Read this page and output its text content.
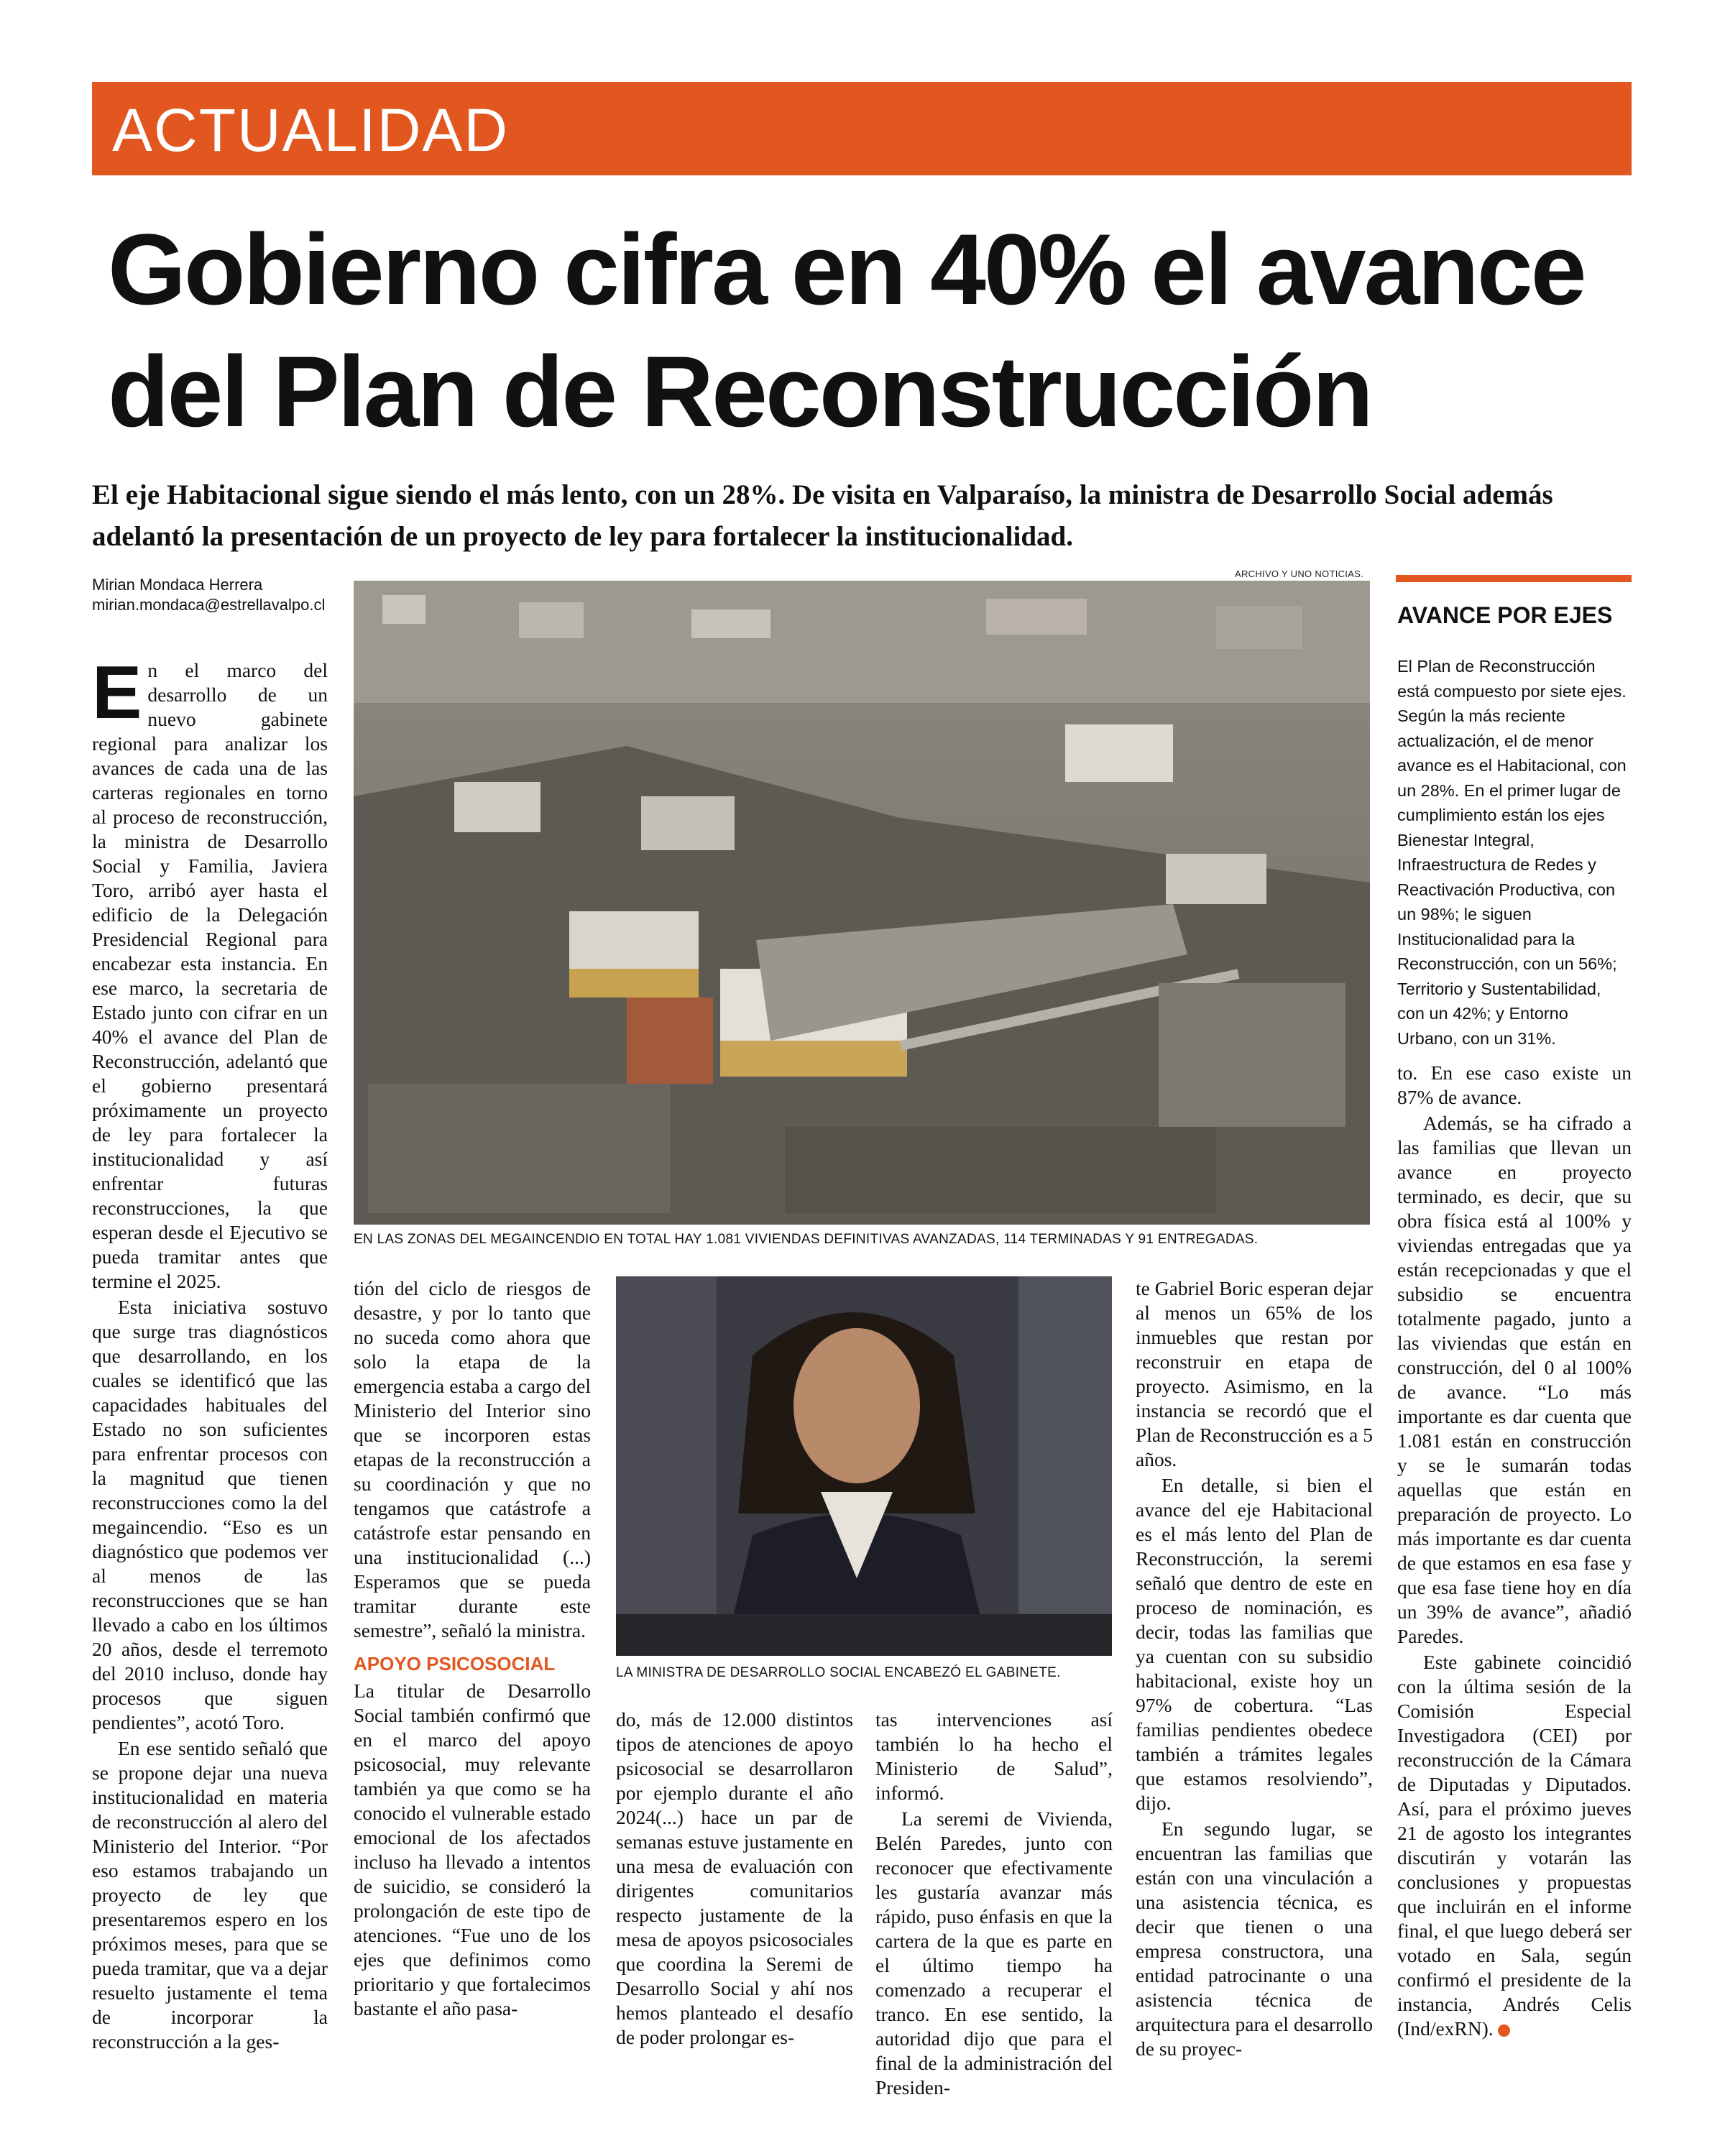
ACTUALIDAD
Gobierno cifra en 40% el avance del Plan de Reconstrucción
El eje Habitacional sigue siendo el más lento, con un 28%. De visita en Valparaíso, la ministra de Desarrollo Social además adelantó la presentación de un proyecto de ley para fortalecer la institucionalidad.
Mirian Mondaca Herrera
mirian.mondaca@estrellavalpo.cl
ARCHIVO Y UNO NOTICIAS.
EN LAS ZONAS DEL MEGAINCENDIO EN TOTAL HAY 1.081 VIVIENDAS DEFINITIVAS AVANZADAS, 114 TERMINADAS Y 91 ENTREGADAS.
LA MINISTRA DE DESARROLLO SOCIAL ENCABEZÓ EL GABINETE.
AVANCE POR EJES
El Plan de Reconstrucción está compuesto por siete ejes. Según la más reciente actualización, el de menor avance es el Habitacional, con un 28%. En el primer lugar de cumplimiento están los ejes Bienestar Integral, Infraestructura de Redes y Reactivación Productiva, con un 98%; le siguen Institucionalidad para la Reconstrucción, con un 56%; Territorio y Sustentabilidad, con un 42%; y Entorno Urbano, con un 31%.

En el marco del desarrollo de un nuevo gabinete regional para analizar los avances de cada una de las carteras regionales en torno al proceso de reconstrucción, la ministra de Desarrollo Social y Familia, Javiera Toro, arribó ayer hasta el edificio de la Delegación Presidencial Regional para encabezar esta instancia. En ese marco, la secretaria de Estado junto con cifrar en un 40% el avance del Plan de Reconstrucción, adelantó que el gobierno presentará próximamente un proyecto de ley para fortalecer la institucionalidad y así enfrentar futuras reconstrucciones, la que esperan desde el Ejecutivo se pueda tramitar antes que termine el 2025.

Esta iniciativa sostuvo que surge tras diagnósticos que desarrollando, en los cuales se identificó que las capacidades habituales del Estado no son suficientes para enfrentar procesos con la magnitud que tienen reconstrucciones como la del megaincendio. “Eso es un diagnóstico que podemos ver al menos de las reconstrucciones que se han llevado a cabo en los últimos 20 años, desde el terremoto del 2010 incluso, donde hay procesos que siguen pendientes”, acotó Toro.

En ese sentido señaló que se propone dejar una nueva institucionalidad en materia de reconstrucción al alero del Ministerio del Interior. “Por eso estamos trabajando un proyecto de ley que presentaremos espero en los próximos meses, para que se pueda tramitar, que va a dejar resuelto justamente el tema de incorporar la reconstrucción a la ges-

tión del ciclo de riesgos de desastre, y por lo tanto que no suceda como ahora que solo la etapa de la emergencia estaba a cargo del Ministerio del Interior sino que se incorporen estas etapas de la reconstrucción a su coordinación y que no tengamos que catástrofe a catástrofe estar pensando en una institucionalidad (...) Esperamos que se pueda tramitar durante este semestre”, señaló la ministra.

APOYO PSICOSOCIAL

La titular de Desarrollo Social también confirmó que en el marco del apoyo psicosocial, muy relevante también ya que como se ha conocido el vulnerable estado emocional de los afectados incluso ha llevado a intentos de suicidio, se consideró la prolongación de este tipo de atenciones. “Fue uno de los ejes que definimos como prioritario y que fortalecimos bastante el año pasa-

do, más de 12.000 distintos tipos de atenciones de apoyo psicosocial se desarrollaron por ejemplo durante el año 2024(...) hace un par de semanas estuve justamente en una mesa de evaluación con dirigentes comunitarios respecto justamente de la mesa de apoyos psicosociales que coordina la Seremi de Desarrollo Social y ahí nos hemos planteado el desafío de poder prolongar es-

tas intervenciones así también lo ha hecho el Ministerio de Salud”, informó.

La seremi de Vivienda, Belén Paredes, junto con reconocer que efectivamente les gustaría avanzar más rápido, puso énfasis en que la cartera de la que es parte en el último tiempo ha comenzado a recuperar el tranco. En ese sentido, la autoridad dijo que para el final de la administración del Presiden-

te Gabriel Boric esperan dejar al menos un 65% de los inmuebles que restan por reconstruir en etapa de proyecto. Asimismo, en la instancia se recordó que el Plan de Reconstrucción es a 5 años.

En detalle, si bien el avance del eje Habitacional es el más lento del Plan de Reconstrucción, la seremi señaló que dentro de este en proceso de nominación, es decir, todas las familias que ya cuentan con su subsidio habitacional, existe hoy un 97% de cobertura. “Las familias pendientes obedece también a trámites legales que estamos resolviendo”, dijo.

En segundo lugar, se encuentran las familias que están con una vinculación a una asistencia técnica, es decir que tienen o una empresa constructora, una entidad patrocinante o una asistencia técnica de arquitectura para el desarrollo de su proyec-

to. En ese caso existe un 87% de avance.

Además, se ha cifrado a las familias que llevan un avance en proyecto terminado, es decir, que su obra física está al 100% y viviendas entregadas que ya están recepcionadas y que el subsidio se encuentra totalmente pagado, junto a las viviendas que están en construcción, del 0 al 100% de avance. “Lo más importante es dar cuenta que 1.081 están en construcción y se le sumarán todas aquellas que están en preparación de proyecto. Lo más importante es dar cuenta de que estamos en esa fase y que esa fase tiene hoy en día un 39% de avance”, añadió Paredes.

Este gabinete coincidió con la última sesión de la Comisión Especial Investigadora (CEI) por reconstrucción de la Cámara de Diputadas y Diputados. Así, para el próximo jueves 21 de agosto los integrantes discutirán y votarán las conclusiones y propuestas que incluirán en el informe final, el que luego deberá ser votado en Sala, según confirmó el presidente de la instancia, Andrés Celis (Ind/exRN).
